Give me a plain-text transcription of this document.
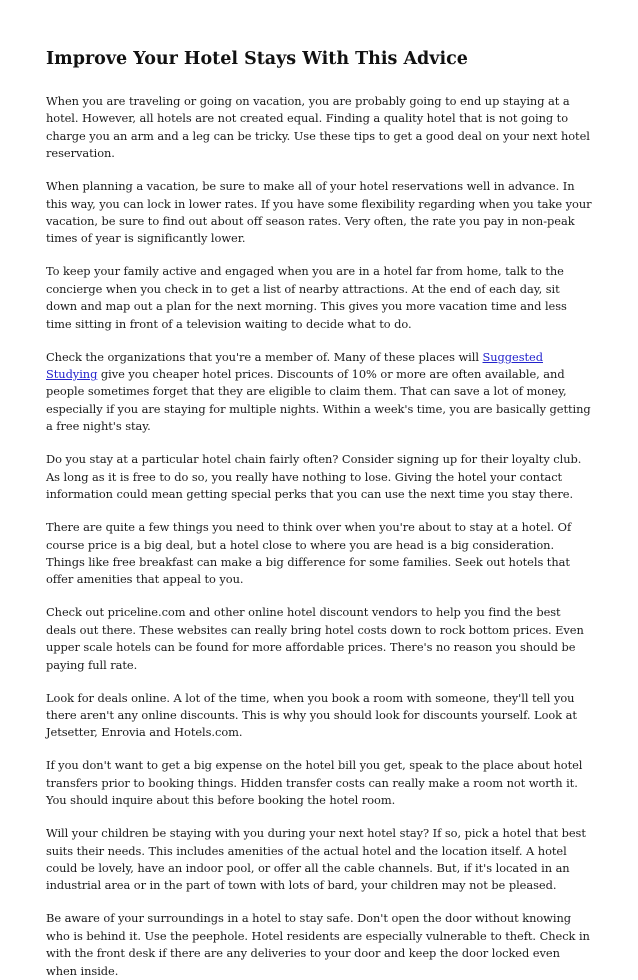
Improve Your Hotel Stays With This Advice

When you are traveling or going on vacation, you are probably going to end up staying at a hotel. However, all hotels are not created equal. Finding a quality hotel that is not going to charge you an arm and a leg can be tricky. Use these tips to get a good deal on your next hotel reservation.

When planning a vacation, be sure to make all of your hotel reservations well in advance. In this way, you can lock in lower rates. If you have some flexibility regarding when you take your vacation, be sure to find out about off season rates. Very often, the rate you pay in non-peak times of year is significantly lower.

To keep your family active and engaged when you are in a hotel far from home, talk to the concierge when you check in to get a list of nearby attractions. At the end of each day, sit down and map out a plan for the next morning. This gives you more vacation time and less time sitting in front of a television waiting to decide what to do.

Check the organizations that you're a member of. Many of these places will Suggested Studying give you cheaper hotel prices. Discounts of 10% or more are often available, and people sometimes forget that they are eligible to claim them. That can save a lot of money, especially if you are staying for multiple nights. Within a week's time, you are basically getting a free night's stay.

Do you stay at a particular hotel chain fairly often? Consider signing up for their loyalty club. As long as it is free to do so, you really have nothing to lose. Giving the hotel your contact information could mean getting special perks that you can use the next time you stay there.

There are quite a few things you need to think over when you're about to stay at a hotel. Of course price is a big deal, but a hotel close to where you are head is a big consideration. Things like free breakfast can make a big difference for some families. Seek out hotels that offer amenities that appeal to you.

Check out priceline.com and other online hotel discount vendors to help you find the best deals out there. These websites can really bring hotel costs down to rock bottom prices. Even upper scale hotels can be found for more affordable prices. There's no reason you should be paying full rate.

Look for deals online. A lot of the time, when you book a room with someone, they'll tell you there aren't any online discounts. This is why you should look for discounts yourself. Look at Jetsetter, Enrovia and Hotels.com.

If you don't want to get a big expense on the hotel bill you get, speak to the place about hotel transfers prior to booking things. Hidden transfer costs can really make a room not worth it. You should inquire about this before booking the hotel room.

Will your children be staying with you during your next hotel stay? If so, pick a hotel that best suits their needs. This includes amenities of the actual hotel and the location itself. A hotel could be lovely, have an indoor pool, or offer all the cable channels. But, if it's located in an industrial area or in the part of town with lots of bard, your children may not be pleased.

Be aware of your surroundings in a hotel to stay safe. Don't open the door without knowing who is behind it. Use the peephole. Hotel residents are especially vulnerable to theft. Check in with the front desk if there are any deliveries to your door and keep the door locked even when inside.
